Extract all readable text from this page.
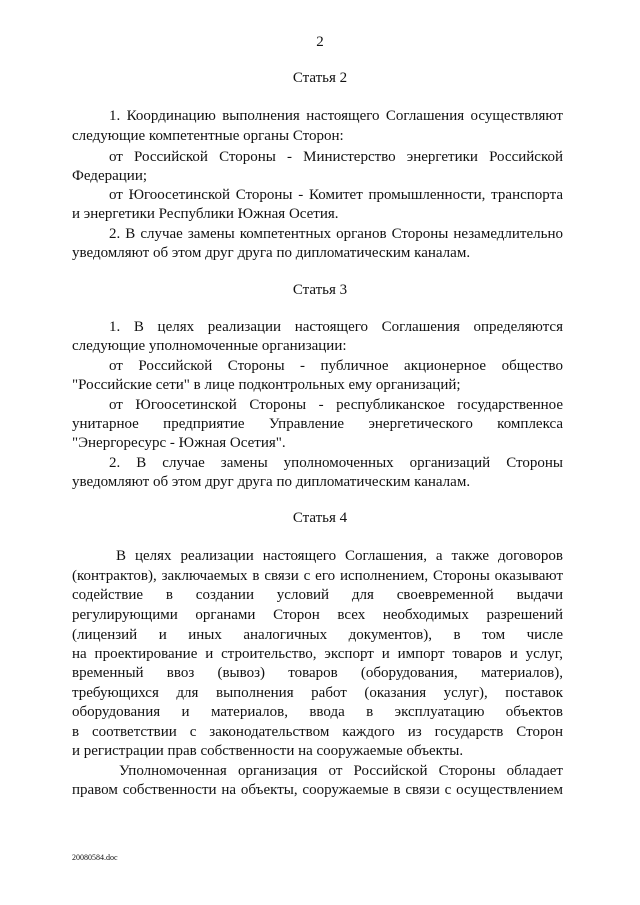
2
Статья 2
1. Координацию выполнения настоящего Соглашения осуществляют
следующие компетентные органы Сторон:
от Российской Стороны - Министерство энергетики Российской
Федерации;
от Югоосетинской Стороны - Комитет промышленности, транспорта
и энергетики Республики Южная Осетия.
2. В случае замены компетентных органов Стороны незамедлительно
уведомляют об этом друг друга по дипломатическим каналам.
Статья 3
1. В целях реализации настоящего Соглашения определяются
следующие уполномоченные организации:
от Российской Стороны - публичное акционерное общество
"Российские сети" в лице подконтрольных ему организаций;
от Югоосетинской Стороны - республиканское государственное
унитарное предприятие Управление энергетического комплекса
"Энергоресурс - Южная Осетия".
2. В случае замены уполномоченных организаций Стороны
уведомляют об этом друг друга по дипломатическим каналам.
Статья 4
В целях реализации настоящего Соглашения, а также договоров
(контрактов), заключаемых в связи с его исполнением, Стороны оказывают
содействие в создании условий для своевременной выдачи
регулирующими органами Сторон всех необходимых разрешений
(лицензий и иных аналогичных документов), в том числе
на проектирование и строительство, экспорт и импорт товаров и услуг,
временный ввоз (вывоз) товаров (оборудования, материалов),
требующихся для выполнения работ (оказания услуг), поставок
оборудования и материалов, ввода в эксплуатацию объектов
в соответствии с законодательством каждого из государств Сторон
и регистрации прав собственности на сооружаемые объекты.
Уполномоченная организация от Российской Стороны обладает
правом собственности на объекты, сооружаемые в связи с осуществлением
20080584.doc
